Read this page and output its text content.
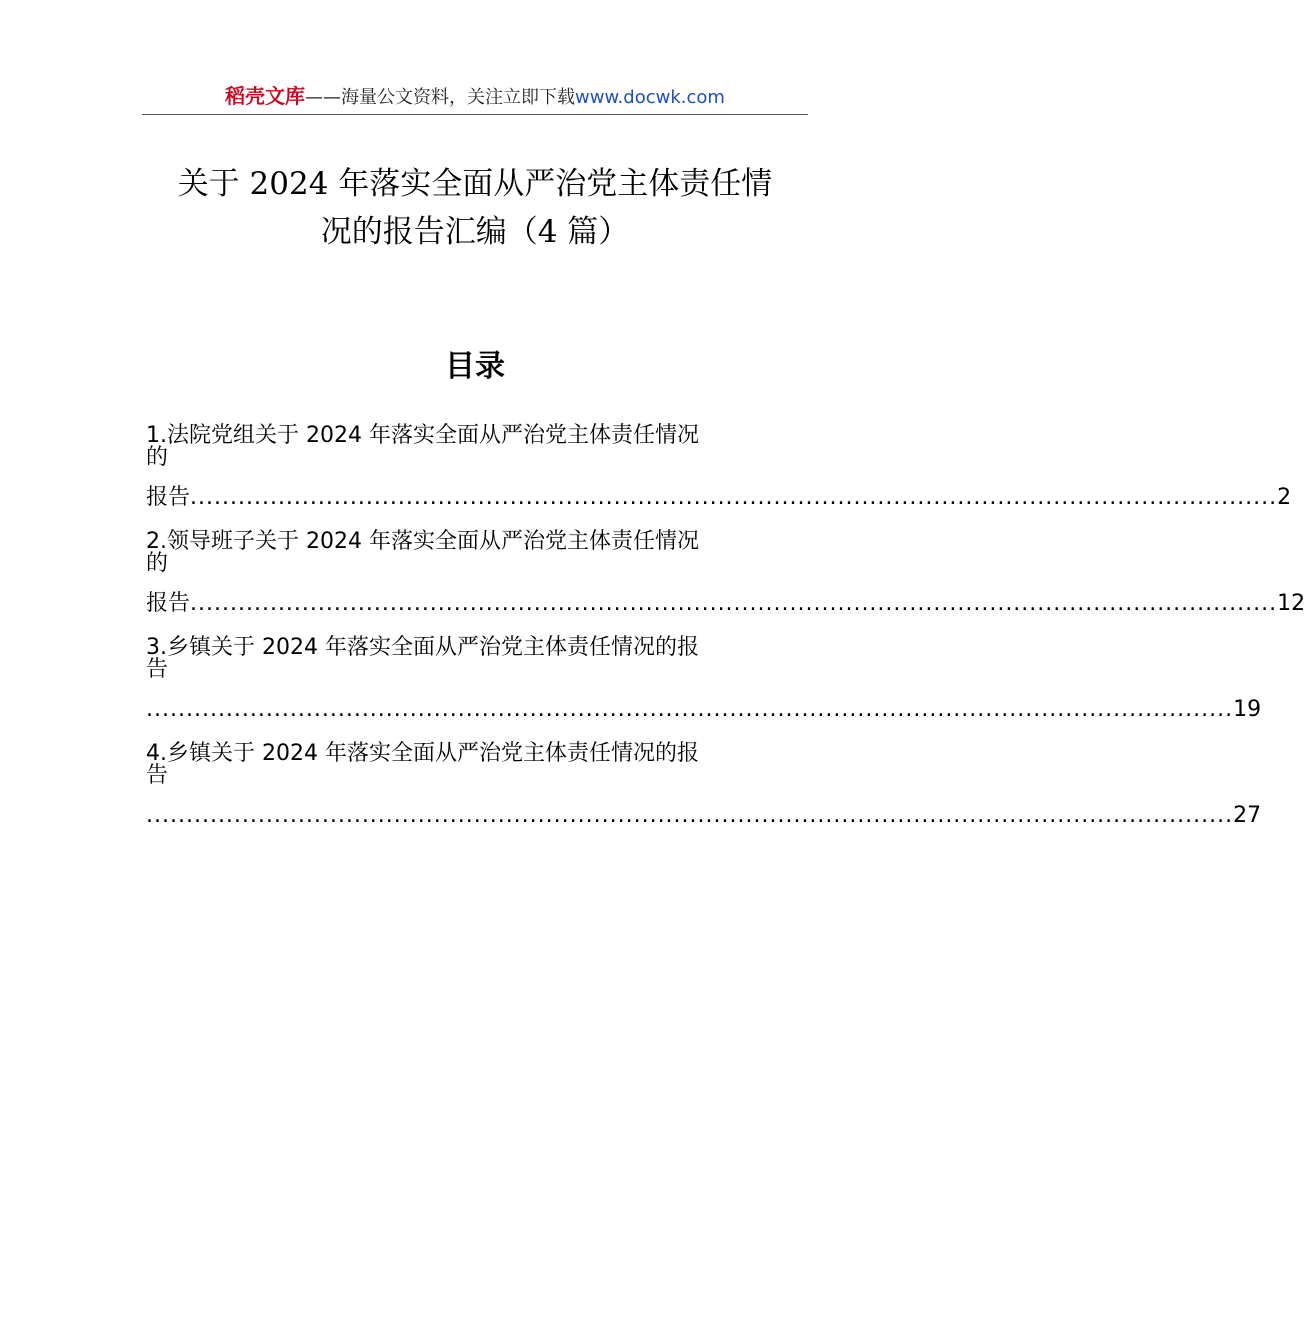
稻壳文库——海量公文资料，关注立即下载www.docwk.com
关于 2024 年落实全面从严治党主体责任情
况的报告汇编（4 篇）
目录
1.法院党组关于 2024 年落实全面从严治党主体责任情况
的
报告 ........................................................................................................................................ 2
2.领导班子关于 2024 年落实全面从严治党主体责任情况
的
报告 ........................................................................................................................................ 12
3.乡镇关于 2024 年落实全面从严治党主体责任情况的报
告
........................................................................................................................................ 19
4.乡镇关于 2024 年落实全面从严治党主体责任情况的报
告
........................................................................................................................................ 27
